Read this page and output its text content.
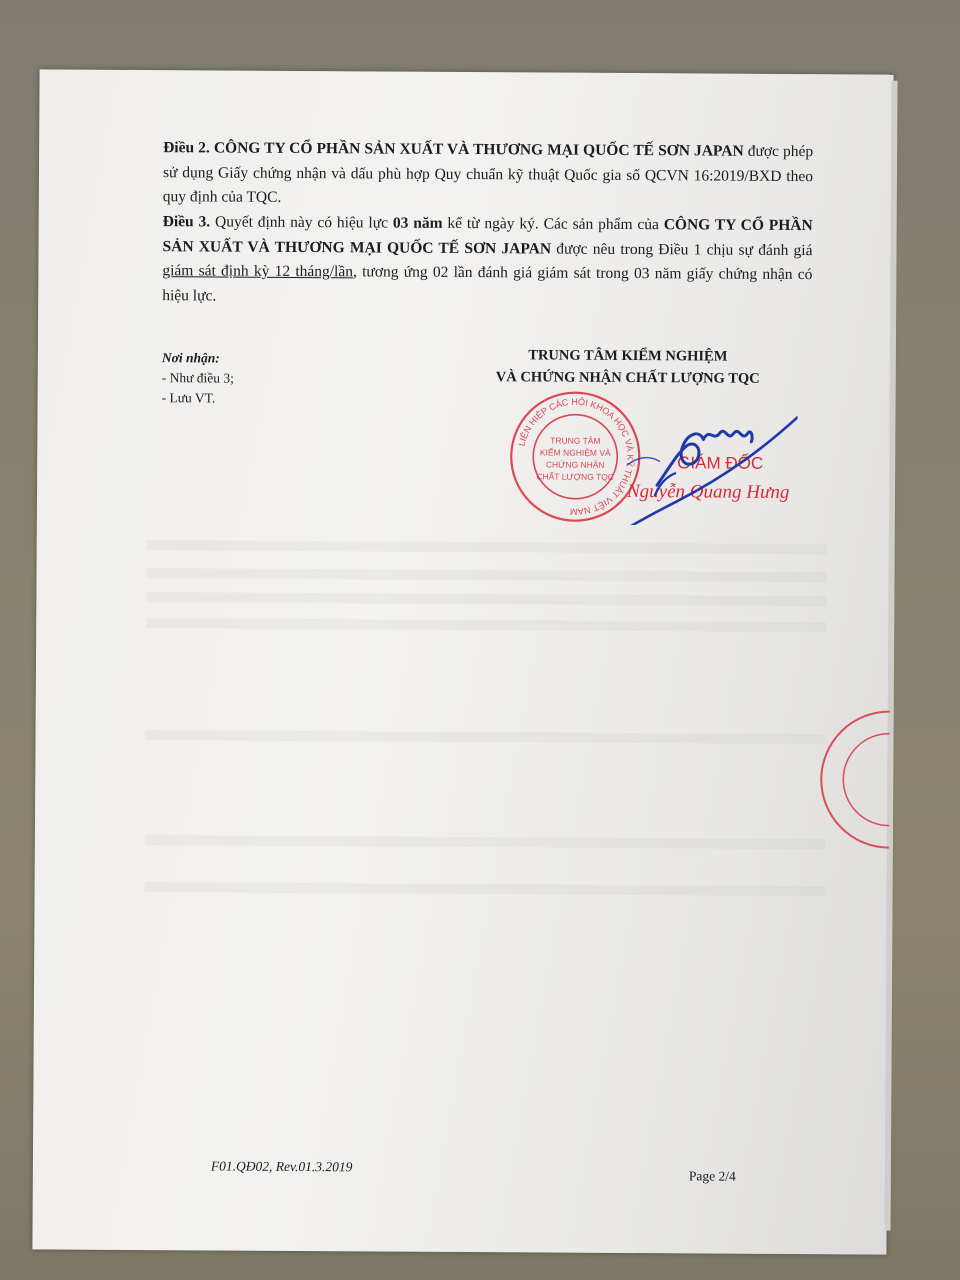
Điều 2. CÔNG TY CỔ PHẦN SẢN XUẤT VÀ THƯƠNG MẠI QUỐC TẾ SƠN JAPAN được phép sử dụng Giấy chứng nhận và dấu phù hợp Quy chuẩn kỹ thuật Quốc gia số QCVN 16:2019/BXD theo quy định của TQC.

Điều 3. Quyết định này có hiệu lực 03 năm kể từ ngày ký. Các sản phẩm của CÔNG TY CỔ PHẦN SẢN XUẤT VÀ THƯƠNG MẠI QUỐC TẾ SƠN JAPAN được nêu trong Điều 1 chịu sự đánh giá giám sát định kỳ 12 tháng/lần, tương ứng 02 lần đánh giá giám sát trong 03 năm giấy chứng nhận có hiệu lực.

Nơi nhận:
- Như điều 3;
- Lưu VT.
TRUNG TÂM KIỂM NGHIỆM
VÀ CHỨNG NHẬN CHẤT LƯỢNG TQC
LIÊN HIỆP CÁC HỘI KHOA HỌC VÀ KỸ THUẬT VIỆT NAM
TRUNG TÂM
KIỂM NGHIỆM VÀ
CHỨNG NHẬN
CHẤT LƯỢNG TQC
GIÁM ĐỐC
Nguyễn Quang Hưng
F01.QĐ02, Rev.01.3.2019
Page 2/4
